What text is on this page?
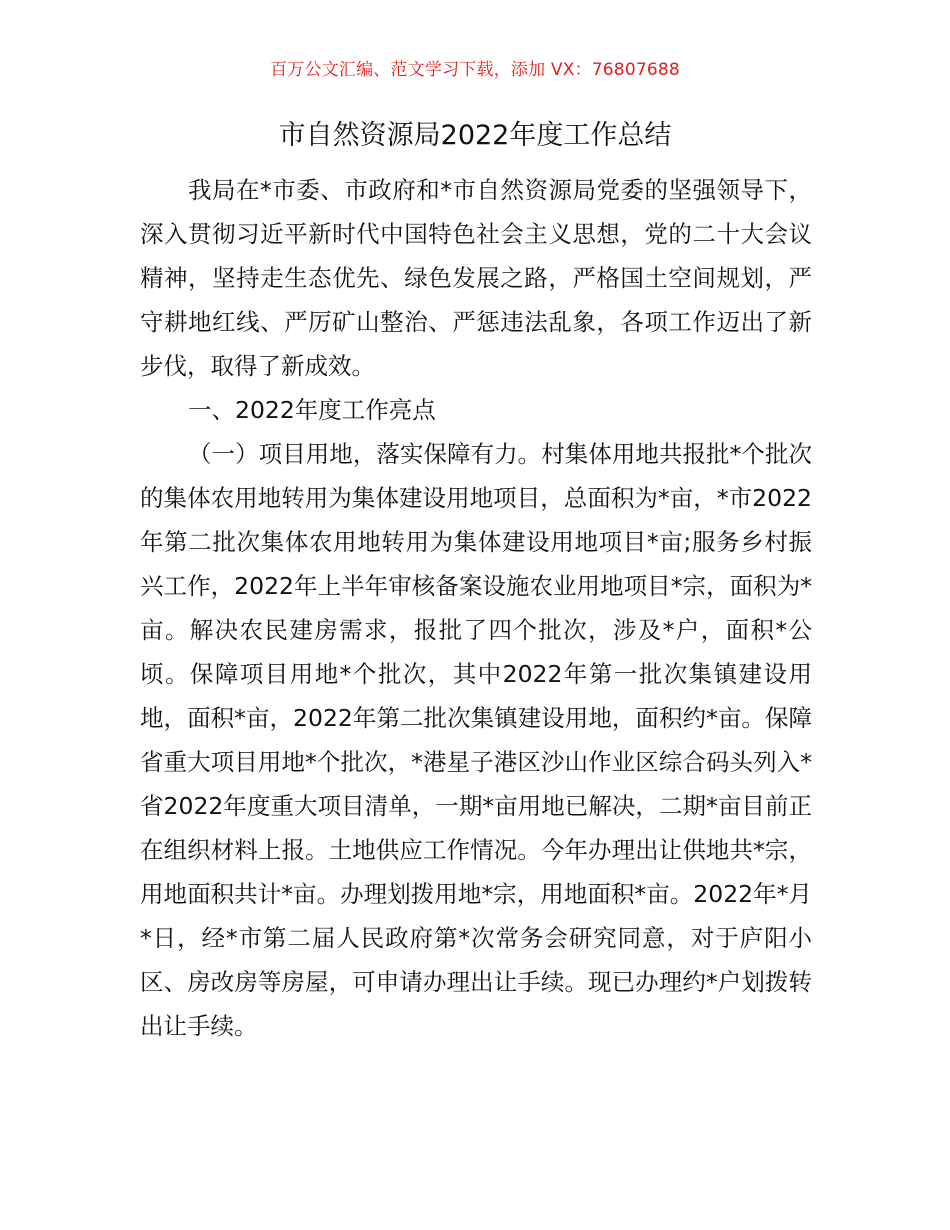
百万公文汇编、范文学习下载，添加 VX：76807688
市自然资源局2022年度工作总结

我局在*市委、市政府和*市自然资源局党委的坚强领导下，深入贯彻习近平新时代中国特色社会主义思想，党的二十大会议精神，坚持走生态优先、绿色发展之路，严格国土空间规划，严守耕地红线、严厉矿山整治、严惩违法乱象，各项工作迈出了新步伐，取得了新成效。

一、2022年度工作亮点

（一）项目用地，落实保障有力。村集体用地共报批*个批次的集体农用地转用为集体建设用地项目，总面积为*亩，*市2022年第二批次集体农用地转用为集体建设用地项目*亩;服务乡村振兴工作，2022年上半年审核备案设施农业用地项目*宗，面积为*亩。解决农民建房需求，报批了四个批次，涉及*户，面积*公顷。保障项目用地*个批次，其中2022年第一批次集镇建设用地，面积*亩，2022年第二批次集镇建设用地，面积约*亩。保障省重大项目用地*个批次，*港星子港区沙山作业区综合码头列入*省2022年度重大项目清单，一期*亩用地已解决，二期*亩目前正在组织材料上报。土地供应工作情况。今年办理出让供地共*宗，用地面积共计*亩。办理划拨用地*宗，用地面积*亩。2022年*月*日，经*市第二届人民政府第*次常务会研究同意，对于庐阳小区、房改房等房屋，可申请办理出让手续。现已办理约*户划拨转出让手续。
